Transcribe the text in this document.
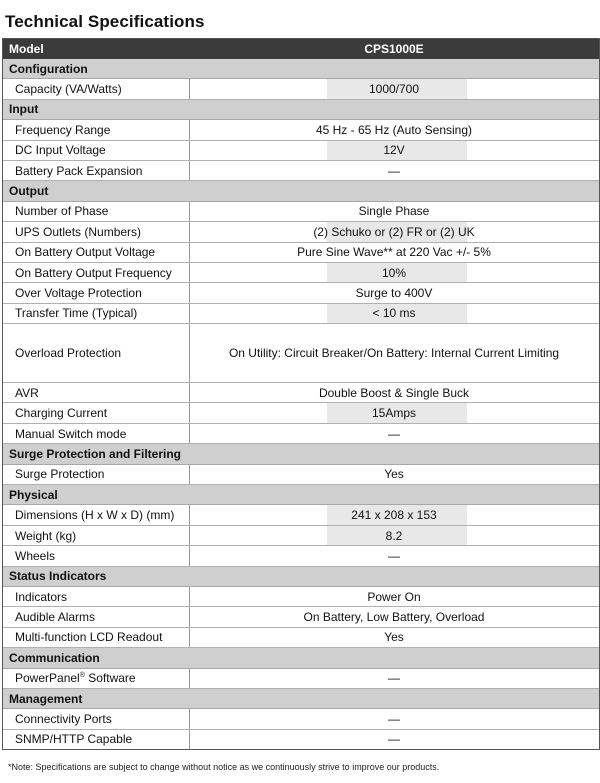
Technical Specifications
Model	CPS1000E
Configuration
Capacity (VA/Watts)	1000/700
Input
Frequency Range	45 Hz - 65 Hz (Auto Sensing)
DC Input Voltage	12V
Battery Pack Expansion	—
Output
Number of Phase	Single Phase
UPS Outlets (Numbers)	(2) Schuko or (2) FR or (2) UK
On Battery Output Voltage	Pure Sine Wave** at 220 Vac +/- 5%
On Battery Output Frequency	10%
Over Voltage Protection	Surge to 400V
Transfer Time (Typical)	< 10 ms
Overload Protection	On Utility: Circuit Breaker/On Battery: Internal Current Limiting
AVR	Double Boost & Single Buck
Charging Current	15Amps
Manual Switch mode	—
Surge Protection and Filtering
Surge Protection	Yes
Physical
Dimensions (H x W x D) (mm)	241 x 208 x 153
Weight (kg)	8.2
Wheels	—
Status Indicators
Indicators	Power On
Audible Alarms	On Battery, Low Battery, Overload
Multi-function LCD Readout	Yes
Communication
PowerPanel® Software	—
Management
Connectivity Ports	—
SNMP/HTTP Capable	—
*Note: Specifications are subject to change without notice as we continuously strive to improve our products.
